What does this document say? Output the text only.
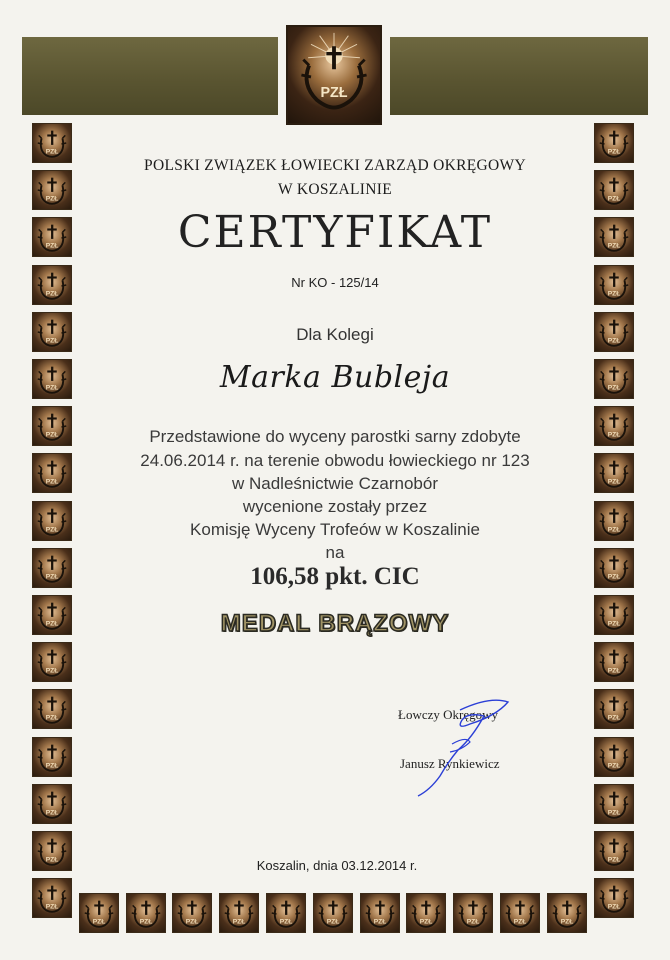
PZŁ
PZŁ	PZŁ
PZŁ	PZŁ
PZŁ	PZŁ
PZŁ	PZŁ
PZŁ	PZŁ
PZŁ	PZŁ
PZŁ	PZŁ
PZŁ	PZŁ
PZŁ	PZŁ
PZŁ	PZŁ
PZŁ	PZŁ
PZŁ	PZŁ
PZŁ	PZŁ
PZŁ	PZŁ
PZŁ	PZŁ
PZŁ	PZŁ
PZŁ	PZŁ
PZŁ	PZŁ	PZŁ	PZŁ	PZŁ	PZŁ	PZŁ	PZŁ	PZŁ	PZŁ	PZŁ
POLSKI ZWIĄZEK ŁOWIECKI ZARZĄD OKRĘGOWY
W KOSZALINIE
CERTYFIKAT
Nr KO - 125/14
Dla Kolegi
Marka Bubleja
Przedstawione do wyceny parostki sarny zdobyte
24.06.2014 r. na terenie obwodu łowieckiego nr 123
w Nadleśnictwie Czarnobór
wycenione zostały przez
Komisję Wyceny Trofeów w Koszalinie
na
106,58 pkt. CIC
MEDAL BRĄZOWY
Łowczy Okręgowy
Janusz Rynkiewicz
Koszalin, dnia 03.12.2014 r.
